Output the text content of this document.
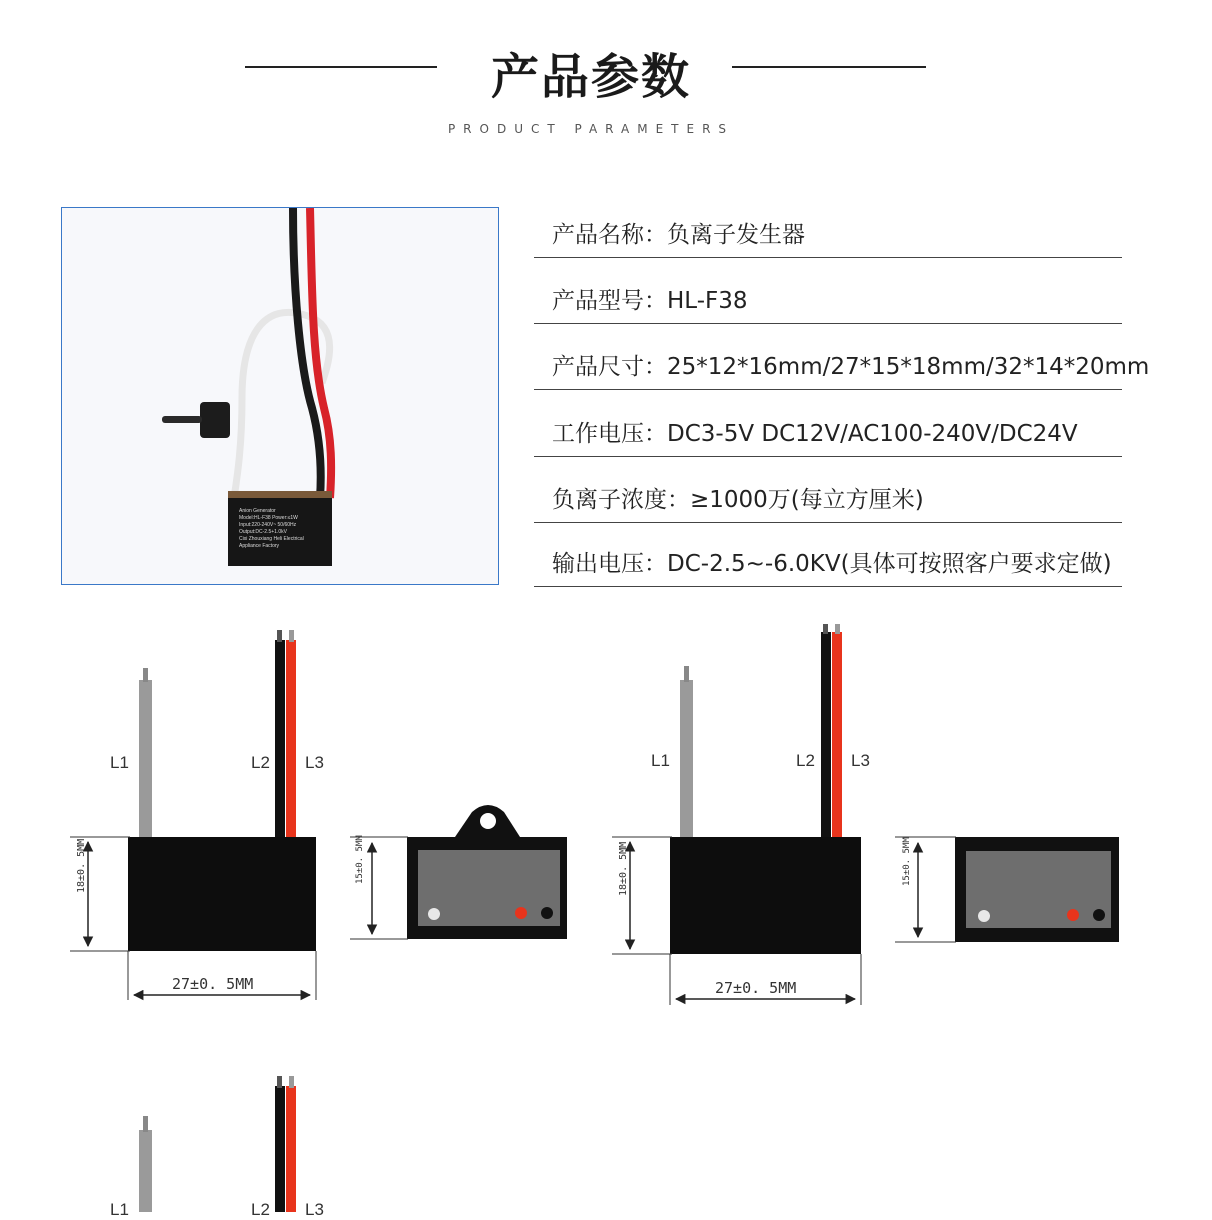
产品参数
PRODUCT PARAMETERS
Anion Generator
Model:HL-F38 Power:≤1W
Input:220-240V~ 50/60Hz
Output:DC-2.5+1.0kV
Cixi Zhouxiang Heli Electrical
Appliance Factory
产品名称：负离子发生器
产品型号：HL-F38
产品尺寸：25*12*16mm/27*15*18mm/32*14*20mm
工作电压：DC3-5V DC12V/AC100-240V/DC24V
负离子浓度：≥1000万(每立方厘米)
输出电压：DC-2.5~-6.0KV(具体可按照客户要求定做)
L1	L2 L3	L1	L2 L3
L1	L2 L3
27±0. 5MM	27±0. 5MM
18±0. 5MM	18±0. 5MM
15±0. 5MM	15±0. 5MM
